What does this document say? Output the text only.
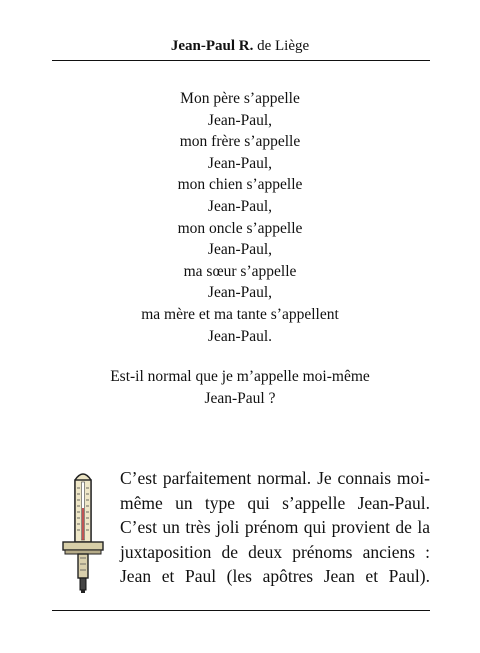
Jean-Paul R. de Liège
Mon père s’appelle
Jean-Paul,
mon frère s’appelle
Jean-Paul,
mon chien s’appelle
Jean-Paul,
mon oncle s’appelle
Jean-Paul,
ma sœur s’appelle
Jean-Paul,
ma mère et ma tante s’appellent
Jean-Paul.
Est-il normal que je m’appelle moi-même
Jean-Paul ?
C’est parfaitement normal. Je connais moi-
même un type qui s’appelle Jean-Paul.
C’est un très joli prénom qui provient de la
juxtaposition de deux prénoms anciens :
Jean et Paul (les apôtres Jean et Paul).
